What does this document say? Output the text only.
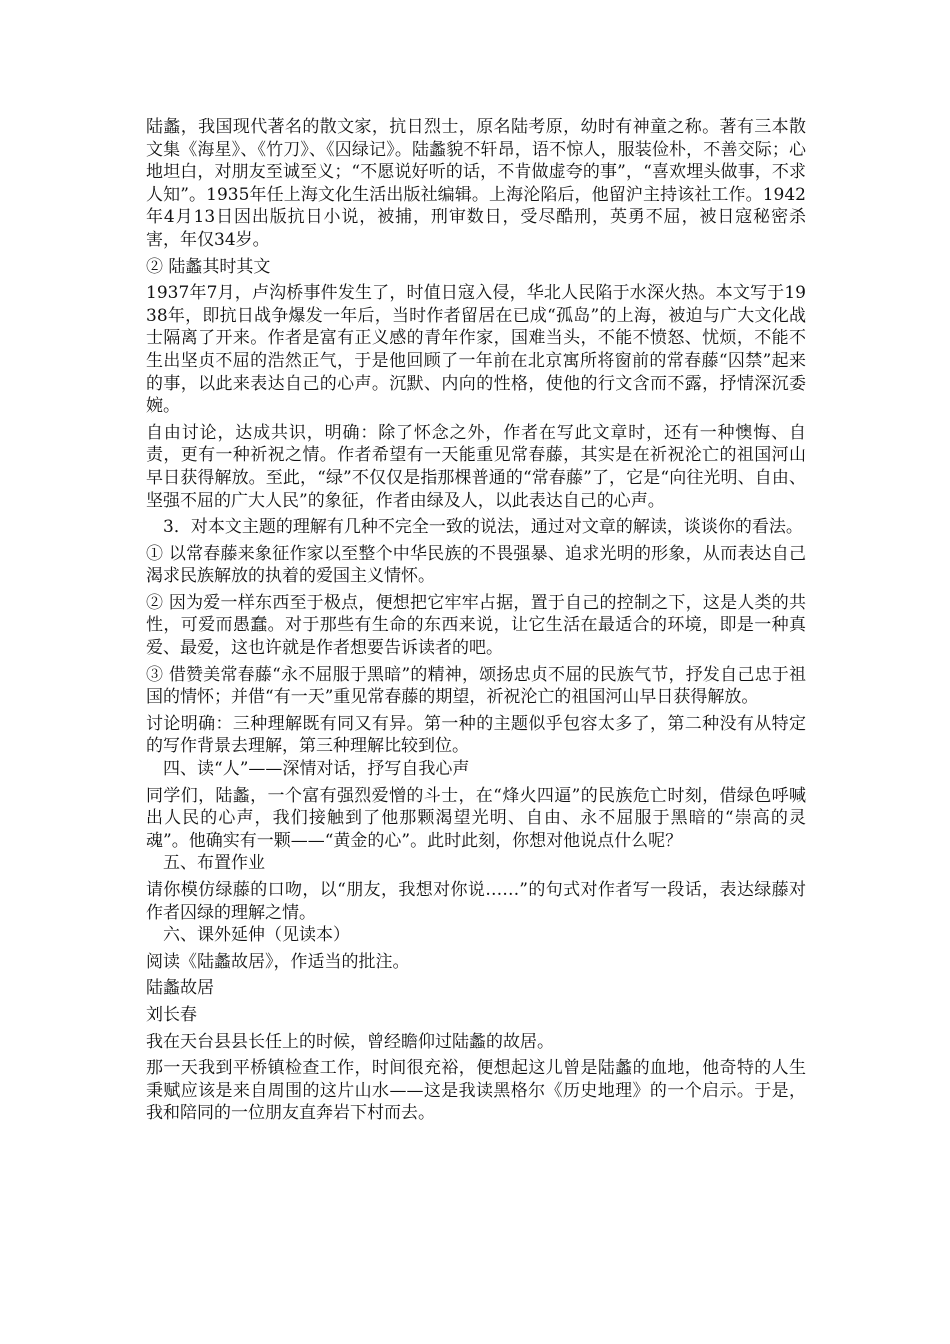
陆蠡，我国现代著名的散文家，抗日烈士，原名陆考原，幼时有神童之称。著有三本散文集《海星》、《竹刀》、《囚绿记》。陆蠡貌不轩昂，语不惊人，服装俭朴，不善交际；心地坦白，对朋友至诚至义；“不愿说好听的话，不肯做虚夸的事”，“喜欢埋头做事，不求人知”。1935年任上海文化生活出版社编辑。上海沦陷后，他留沪主持该社工作。1942年4月13日因出版抗日小说，被捕，刑审数日，受尽酷刑，英勇不屈，被日寇秘密杀害，年仅34岁。

② 陆蠡其时其文

1937年7月，卢沟桥事件发生了，时值日寇入侵，华北人民陷于水深火热。本文写于1938年，即抗日战争爆发一年后，当时作者留居在已成“孤岛”的上海，被迫与广大文化战士隔离了开来。作者是富有正义感的青年作家，国难当头，不能不愤怒、忧烦，不能不生出坚贞不屈的浩然正气，于是他回顾了一年前在北京寓所将窗前的常春藤“囚禁”起来的事，以此来表达自己的心声。沉默、内向的性格，使他的行文含而不露，抒情深沉委婉。

自由讨论，达成共识，明确：除了怀念之外，作者在写此文章时，还有一种懊悔、自责，更有一种祈祝之情。作者希望有一天能重见常春藤，其实是在祈祝沦亡的祖国河山早日获得解放。至此，“绿”不仅仅是指那棵普通的“常春藤”了，它是“向往光明、自由、坚强不屈的广大人民”的象征，作者由绿及人，以此表达自己的心声。

3．对本文主题的理解有几种不完全一致的说法，通过对文章的解读，谈谈你的看法。

① 以常春藤来象征作家以至整个中华民族的不畏强暴、追求光明的形象，从而表达自己渴求民族解放的执着的爱国主义情怀。

② 因为爱一样东西至于极点，便想把它牢牢占据，置于自己的控制之下，这是人类的共性，可爱而愚蠢。对于那些有生命的东西来说，让它生活在最适合的环境，即是一种真爱、最爱，这也许就是作者想要告诉读者的吧。

③ 借赞美常春藤“永不屈服于黑暗”的精神，颂扬忠贞不屈的民族气节，抒发自己忠于祖国的情怀；并借“有一天”重见常春藤的期望，祈祝沦亡的祖国河山早日获得解放。

讨论明确：三种理解既有同又有异。第一种的主题似乎包容太多了，第二种没有从特定的写作背景去理解，第三种理解比较到位。

四、读“人”——深情对话，抒写自我心声

同学们，陆蠡，一个富有强烈爱憎的斗士，在“烽火四逼”的民族危亡时刻，借绿色呼喊出人民的心声，我们接触到了他那颗渴望光明、自由、永不屈服于黑暗的“崇高的灵魂”。他确实有一颗——“黄金的心”。此时此刻，你想对他说点什么呢？

五、布置作业

请你模仿绿藤的口吻，以“朋友，我想对你说……”的句式对作者写一段话，表达绿藤对作者囚绿的理解之情。

六、课外延伸（见读本）

阅读《陆蠡故居》，作适当的批注。

陆蠡故居

刘长春

我在天台县县长任上的时候，曾经瞻仰过陆蠡的故居。

那一天我到平桥镇检查工作，时间很充裕，便想起这儿曾是陆蠡的血地，他奇特的人生秉赋应该是来自周围的这片山水——这是我读黑格尔《历史地理》的一个启示。于是，我和陪同的一位朋友直奔岩下村而去。
